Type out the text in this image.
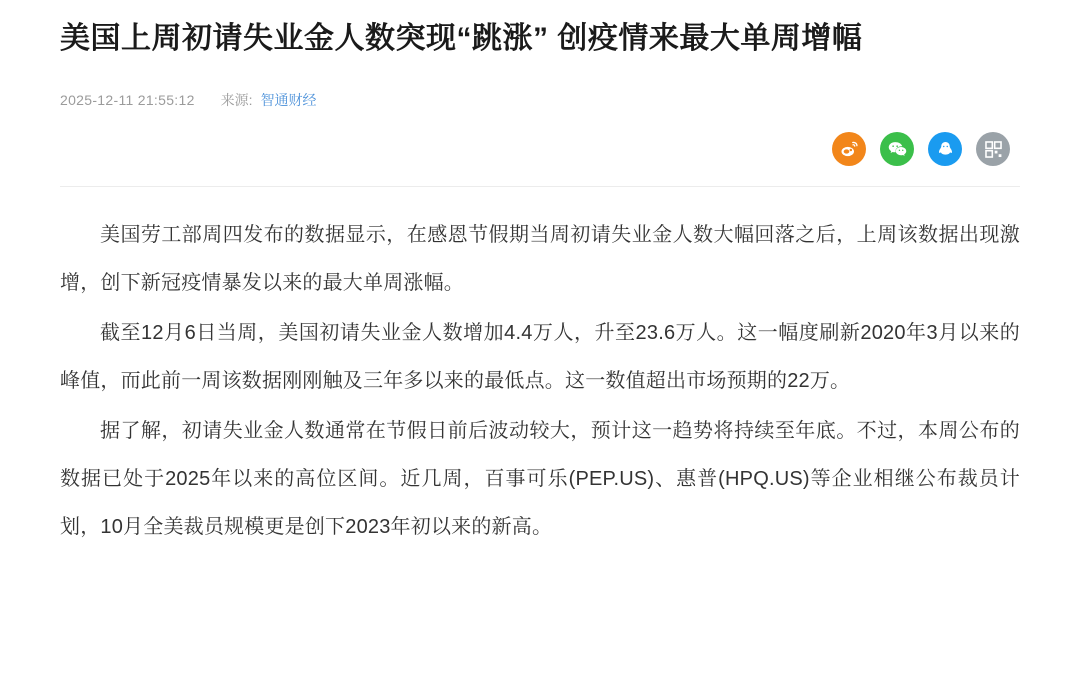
美国上周初请失业金人数突现“跳涨” 创疫情来最大单周增幅
2025-12-11 21:55:12 来源: 智通财经

美国劳工部周四发布的数据显示，在感恩节假期当周初请失业金人数大幅回落之后，上周该数据出现激增，创下新冠疫情暴发以来的最大单周涨幅。

截至12月6日当周，美国初请失业金人数增加4.4万人，升至23.6万人。这一幅度刷新2020年3月以来的峰值，而此前一周该数据刚刚触及三年多以来的最低点。这一数值超出市场预期的22万。

据了解，初请失业金人数通常在节假日前后波动较大，预计这一趋势将持续至年底。不过，本周公布的数据已处于2025年以来的高位区间。近几周，百事可乐(PEP.US)、惠普(HPQ.US)等企业相继公布裁员计划，10月全美裁员规模更是创下2023年初以来的新高。
